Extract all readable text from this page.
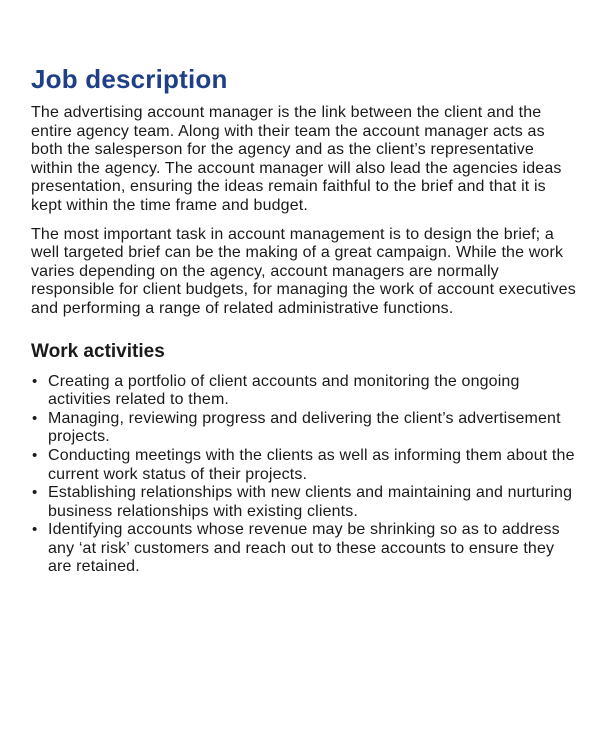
Job description

The advertising account manager is the link between the client and the entire agency team. Along with their team the account manager acts as both the salesperson for the agency and as the client’s representative within the agency. The account manager will also lead the agencies ideas presentation, ensuring the ideas remain faithful to the brief and that it is kept within the time frame and budget.

The most important task in account management is to design the brief; a well targeted brief can be the making of a great campaign. While the work varies depending on the agency, account managers are normally responsible for client budgets, for managing the work of account executives and performing a range of related administrative functions.

Work activities
• Creating a portfolio of client accounts and monitoring the ongoing activities related to them.
• Managing, reviewing progress and delivering the client’s advertisement projects.
• Conducting meetings with the clients as well as informing them about the current work status of their projects.
• Establishing relationships with new clients and maintaining and nurturing business relationships with existing clients.
• Identifying accounts whose revenue may be shrinking so as to address any ‘at risk’ customers and reach out to these accounts to ensure they are retained.
